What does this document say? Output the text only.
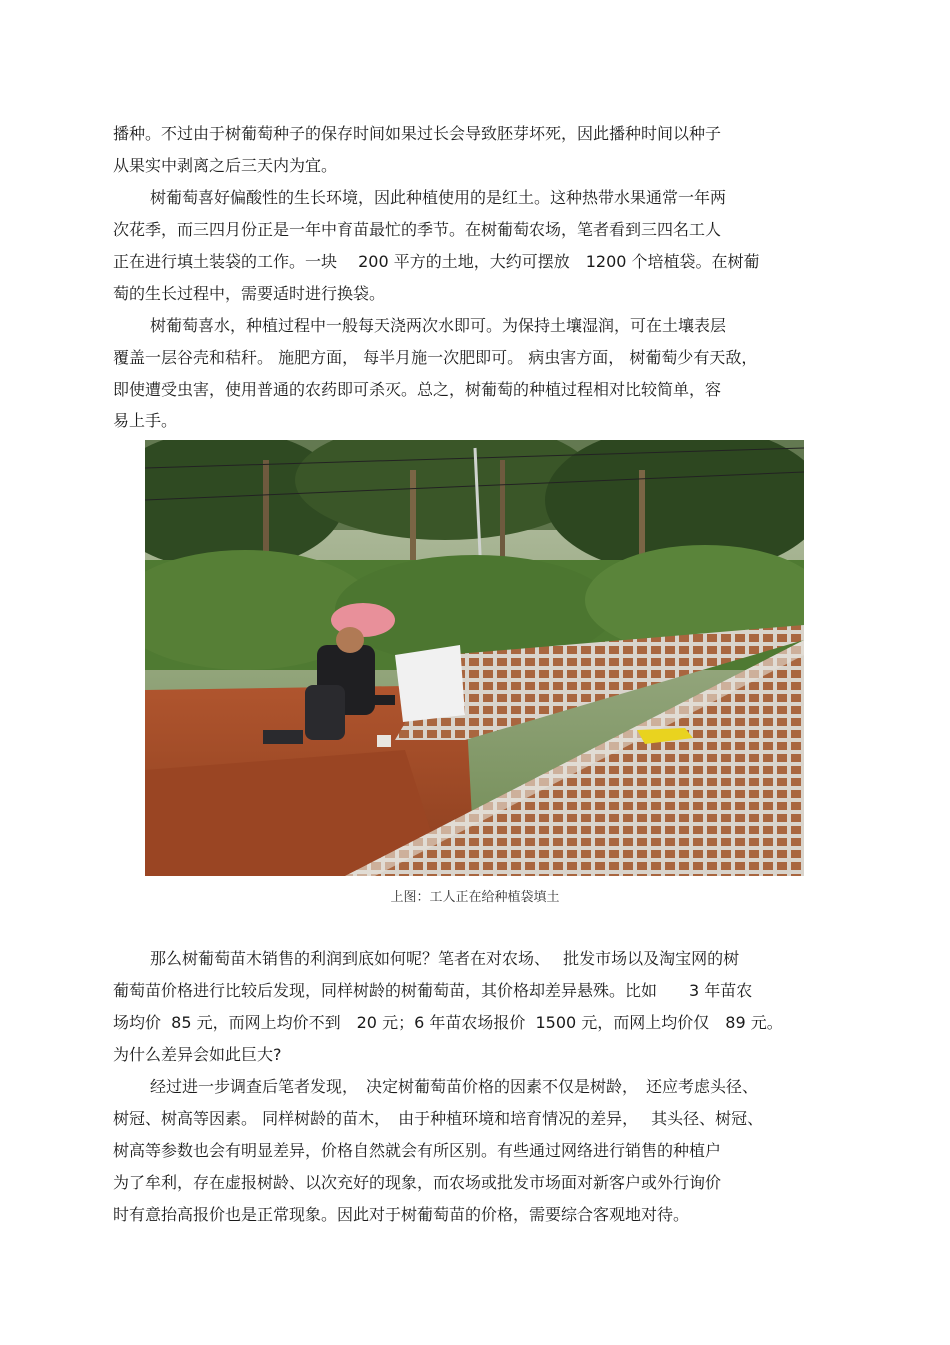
播种。不过由于树葡萄种子的保存时间如果过长会导致胚芽坏死，因此播种时间以种子
从果实中剥离之后三天内为宜。
树葡萄喜好偏酸性的生长环境，因此种植使用的是红土。这种热带水果通常一年两
次花季，而三四月份正是一年中育苗最忙的季节。在树葡萄农场，笔者看到三四名工人
正在进行填土装袋的工作。一块　 200 平方的土地，大约可摆放　1200 个培植袋。在树葡
萄的生长过程中，需要适时进行换袋。
树葡萄喜水，种植过程中一般每天浇两次水即可。为保持土壤湿润，可在土壤表层
覆盖一层谷壳和秸秆。 施肥方面， 每半月施一次肥即可。 病虫害方面， 树葡萄少有天敌，
即使遭受虫害，使用普通的农药即可杀灭。总之，树葡萄的种植过程相对比较简单，容
易上手。
上图：工人正在给种植袋填土
那么树葡萄苗木销售的利润到底如何呢？笔者在对农场、　 批发市场以及淘宝网的树
葡萄苗价格进行比较后发现，同样树龄的树葡萄苗，其价格却差异悬殊。比如　　3 年苗农
场均价  85 元，而网上均价不到　20 元；6 年苗农场报价  1500 元，而网上均价仅　89 元。
为什么差异会如此巨大?
经过进一步调查后笔者发现，　决定树葡萄苗价格的因素不仅是树龄，　还应考虑头径、
树冠、树高等因素。 同样树龄的苗木，　由于种植环境和培育情况的差异，　 其头径、树冠、
树高等参数也会有明显差异，价格自然就会有所区别。有些通过网络进行销售的种植户
为了牟利，存在虚报树龄、以次充好的现象，而农场或批发市场面对新客户或外行询价
时有意抬高报价也是正常现象。因此对于树葡萄苗的价格，需要综合客观地对待。
